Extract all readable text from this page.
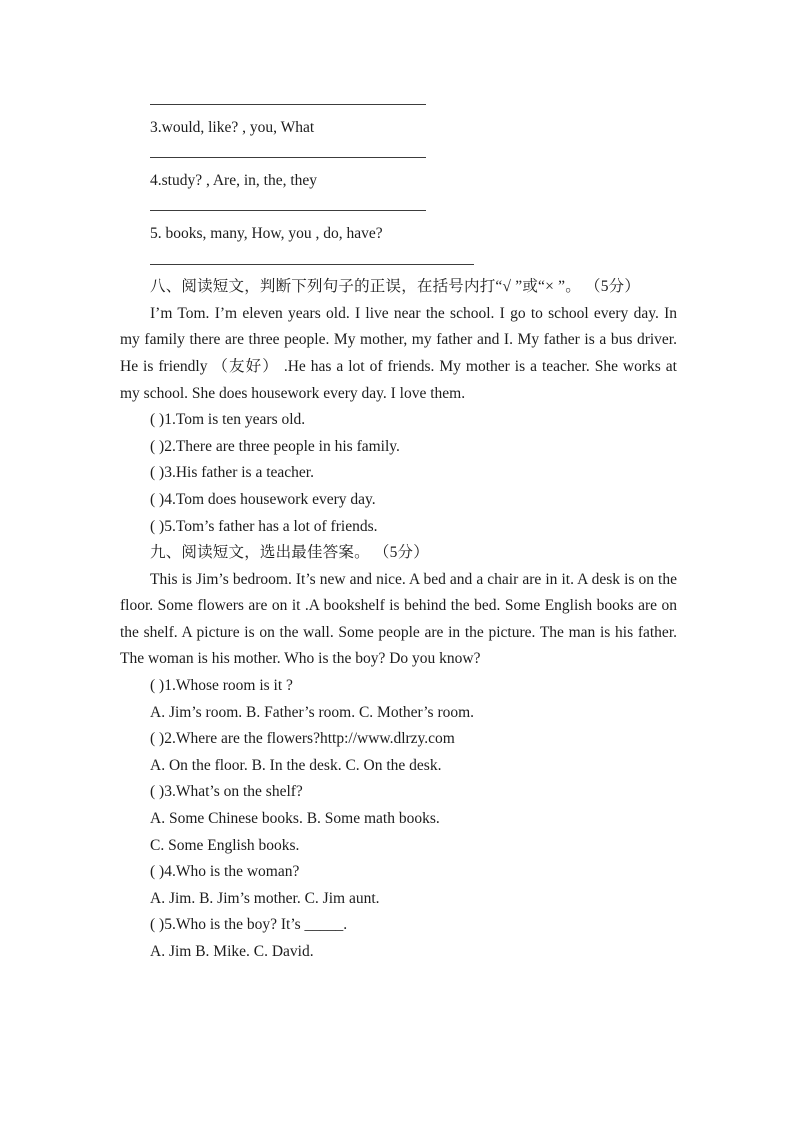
3.would, like? , you, What
4.study? , Are, in, the, they
5. books, many, How, you , do, have?
八、阅读短文，判断下列句子的正误，在括号内打“√ ”或“× ”。 （5分）
I’m Tom. I’m eleven years old. I live near the school. I go to school every day. In my family there are three people. My mother, my father and I. My father is a bus driver. He is friendly （友好） .He has a lot of friends. My mother is a teacher. She works at my school. She does housework every day. I love them.
( )1.Tom is ten years old.
( )2.There are three people in his family.
( )3.His father is a teacher.
( )4.Tom does housework every day.
( )5.Tom’s father has a lot of friends.
九、阅读短文，选出最佳答案。 （5分）
This is Jim’s bedroom. It’s new and nice. A bed and a chair are in it. A desk is on the floor. Some flowers are on it .A bookshelf is behind the bed. Some English books are on the shelf. A picture is on the wall. Some people are in the picture. The man is his father. The woman is his mother. Who is the boy? Do you know?
( )1.Whose room is it ?
A. Jim’s room. B. Father’s room. C. Mother’s room.
( )2.Where are the flowers?http://www.dlrzy.com
A. On the floor. B. In the desk. C. On the desk.
( )3.What’s on the shelf?
A. Some Chinese books. B. Some math books.
C. Some English books.
( )4.Who is the woman?
A. Jim. B. Jim’s mother. C. Jim aunt.
( )5.Who is the boy? It’s _____.
A. Jim B. Mike. C. David.
